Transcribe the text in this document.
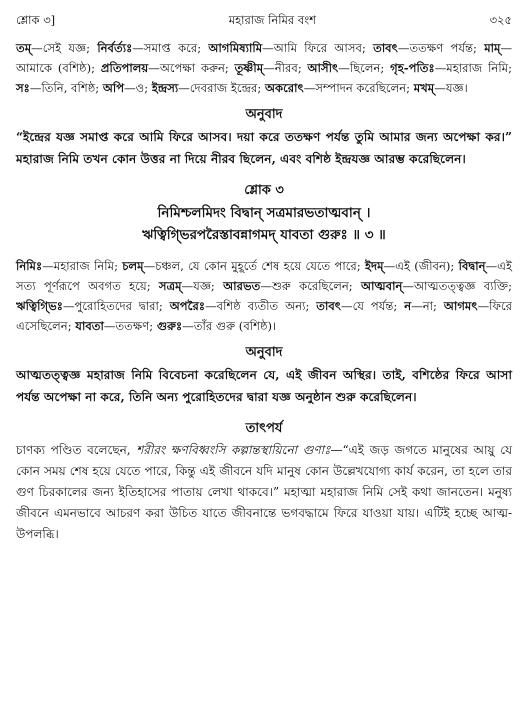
শ্লোক ৩]	মহারাজ নিমির বংশ	৩২৫

তম্—সেই যজ্ঞ; নির্বর্ত্যঃ—সমাপ্ত করে; আগমিষ্যামি—আমি ফিরে আসব; তাবৎ—ততক্ষণ পর্যন্ত; মাম্—আমাকে (বশিষ্ঠ); প্রতিপালয়—অপেক্ষা করুন; তূষ্ণীম্—নীরব; আসীৎ—ছিলেন; গৃহ-পতিঃ—মহারাজ নিমি; সঃ—তিনি, বশিষ্ঠ; অপি—ও; ইন্দ্রস্য—দেবরাজ ইন্দ্রের; অকরোৎ—সম্পাদন করেছিলেন; মখম্—যজ্ঞ।

অনুবাদ

“ইন্দ্রের যজ্ঞ সমাপ্ত করে আমি ফিরে আসব। দয়া করে ততক্ষণ পর্যন্ত তুমি আমার জন্য অপেক্ষা কর।” মহারাজ নিমি তখন কোন উত্তর না দিয়ে নীরব ছিলেন, এবং বশিষ্ঠ ইন্দ্রযজ্ঞ আরম্ভ করেছিলেন।

শ্লোক ৩
নিমিশ্চলমিদং বিদ্বান্ সত্রমারভতাত্মবান্ ।
ঋত্বিগ্ভিরপরৈস্তাবন্নাগমদ্ যাবতা গুরুঃ ॥ ৩ ॥

নিমিঃ—মহারাজ নিমি; চলম্—চঞ্চল, যে কোন মুহূর্তে শেষ হয়ে যেতে পারে; ইদম্—এই (জীবন); বিদ্বান্—এই সত্য পূর্ণরূপে অবগত হয়ে; সত্রম্—যজ্ঞ; আরভত—শুরু করেছিলেন; আত্মবান্—আত্মতত্ত্বজ্ঞ ব্যক্তি; ঋত্বিগ্ভিঃ—পুরোহিতদের দ্বারা; অপরৈঃ—বশিষ্ঠ ব্যতীত অন্য; তাবৎ—যে পর্যন্ত; ন—না; আগমৎ—ফিরে এসেছিলেন; যাবতা—ততক্ষণ; গুরুঃ—তাঁর গুরু (বশিষ্ঠ)।

অনুবাদ

আত্মতত্ত্বজ্ঞ মহারাজ নিমি বিবেচনা করেছিলেন যে, এই জীবন অস্থির। তাই, বশিষ্ঠের ফিরে আসা পর্যন্ত অপেক্ষা না করে, তিনি অন্য পুরোহিতদের দ্বারা যজ্ঞ অনুষ্ঠান শুরু করেছিলেন।

তাৎপর্য

চাণক্য পণ্ডিত বলেছেন, শরীরং ক্ষণবিধ্বংসি কল্পান্তস্থায়িনো গুণাঃ—“এই জড় জগতে মানুষের আয়ু যে কোন সময় শেষ হয়ে যেতে পারে, কিন্তু এই জীবনে যদি মানুষ কোন উল্লেখযোগ্য কার্য করেন, তা হলে তার গুণ চিরকালের জন্য ইতিহাসের পাতায় লেখা থাকবে।” মহাত্মা মহারাজ নিমি সেই কথা জানতেন। মনুষ্য জীবনে এমনভাবে আচরণ করা উচিত যাতে জীবনান্তে ভগবদ্ধামে ফিরে যাওয়া যায়। এটিই হচ্ছে আত্ম-উপলব্ধি।
